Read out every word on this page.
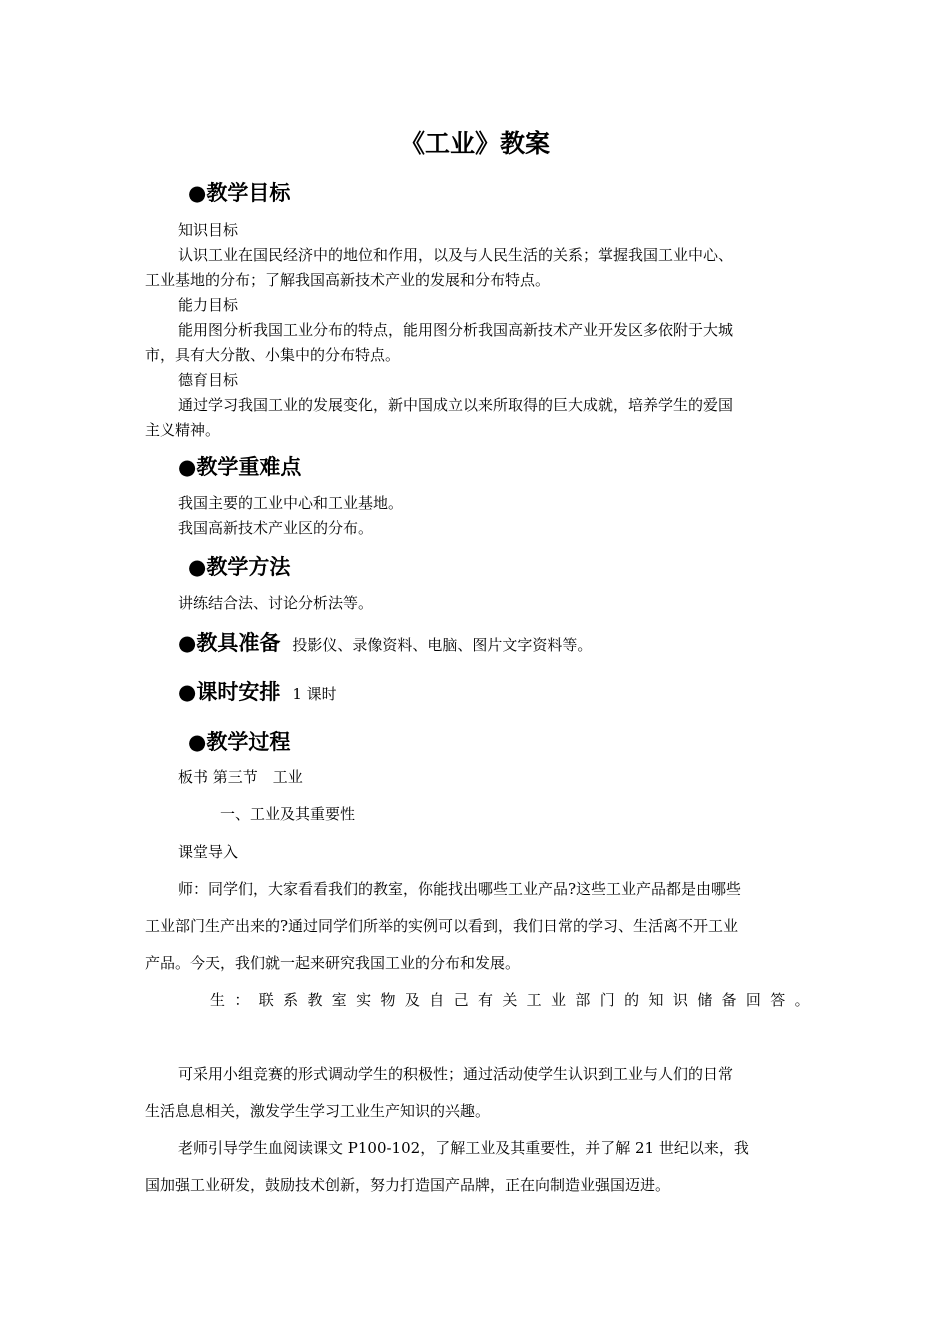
《工业》教案
●教学目标
知识目标
认识工业在国民经济中的地位和作用，以及与人民生活的关系；掌握我国工业中心、
工业基地的分布；了解我国高新技术产业的发展和分布特点。
能力目标
能用图分析我国工业分布的特点，能用图分析我国高新技术产业开发区多依附于大城
市，具有大分散、小集中的分布特点。
德育目标
通过学习我国工业的发展变化，新中国成立以来所取得的巨大成就，培养学生的爱国
主义精神。
●教学重难点
我国主要的工业中心和工业基地。
我国高新技术产业区的分布。
●教学方法
讲练结合法、讨论分析法等。
●教具准备 投影仪、录像资料、电脑、图片文字资料等。
●课时安排 1 课时
●教学过程
板书 第三节　工业
一、工业及其重要性
课堂导入
师：同学们，大家看看我们的教室，你能找出哪些工业产品?这些工业产品都是由哪些
工业部门生产出来的?通过同学们所举的实例可以看到，我们日常的学习、生活离不开工业
产品。今天，我们就一起来研究我国工业的分布和发展。
生 ： 联 系 教 室 实 物 及 自 己 有 关 工 业 部 门 的 知 识 储 备 回 答 。
可采用小组竞赛的形式调动学生的积极性；通过活动使学生认识到工业与人们的日常
生活息息相关，激发学生学习工业生产知识的兴趣。
老师引导学生血阅读课文 P100-102，了解工业及其重要性，并了解 21 世纪以来，我
国加强工业研发，鼓励技术创新，努力打造国产品牌，正在向制造业强国迈进。
